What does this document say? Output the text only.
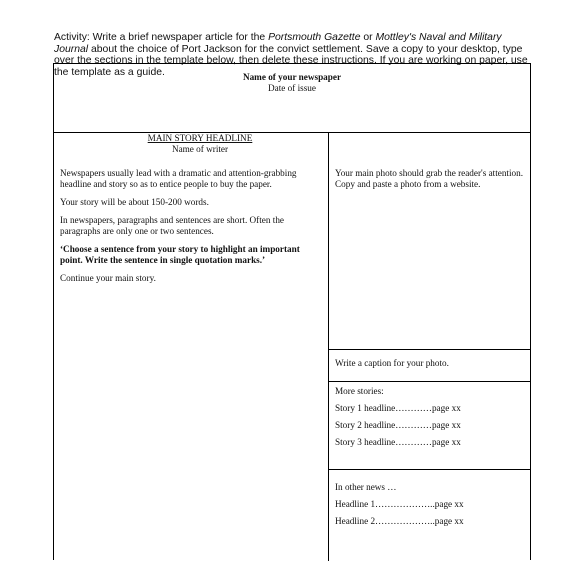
Activity: Write a brief newspaper article for the Portsmouth Gazette or Mottley's Naval and Military Journal about the choice of Port Jackson for the convict settlement. Save a copy to your desktop, type over the sections in the template below, then delete these instructions. If you are working on paper, use the template as a guide.	Name of your newspaper
Date of issue
MAIN STORY HEADLINE
Name of writer

Newspapers usually lead with a dramatic and attention-grabbing headline and story so as to entice people to buy the paper.

Your story will be about 150-200 words.

In newspapers, paragraphs and sentences are short. Often the paragraphs are only one or two sentences.

‘Choose a sentence from your story to highlight an important point. Write the sentence in single quotation marks.’

Continue your main story.

Your main photo should grab the reader's attention. Copy and paste a photo from a website.
Write a caption for your photo.
More stories:
Story 1 headline…………page xx
Story 2 headline…………page xx
Story 3 headline…………page xx
In other news …
Headline 1………………..page xx
Headline 2………………..page xx
